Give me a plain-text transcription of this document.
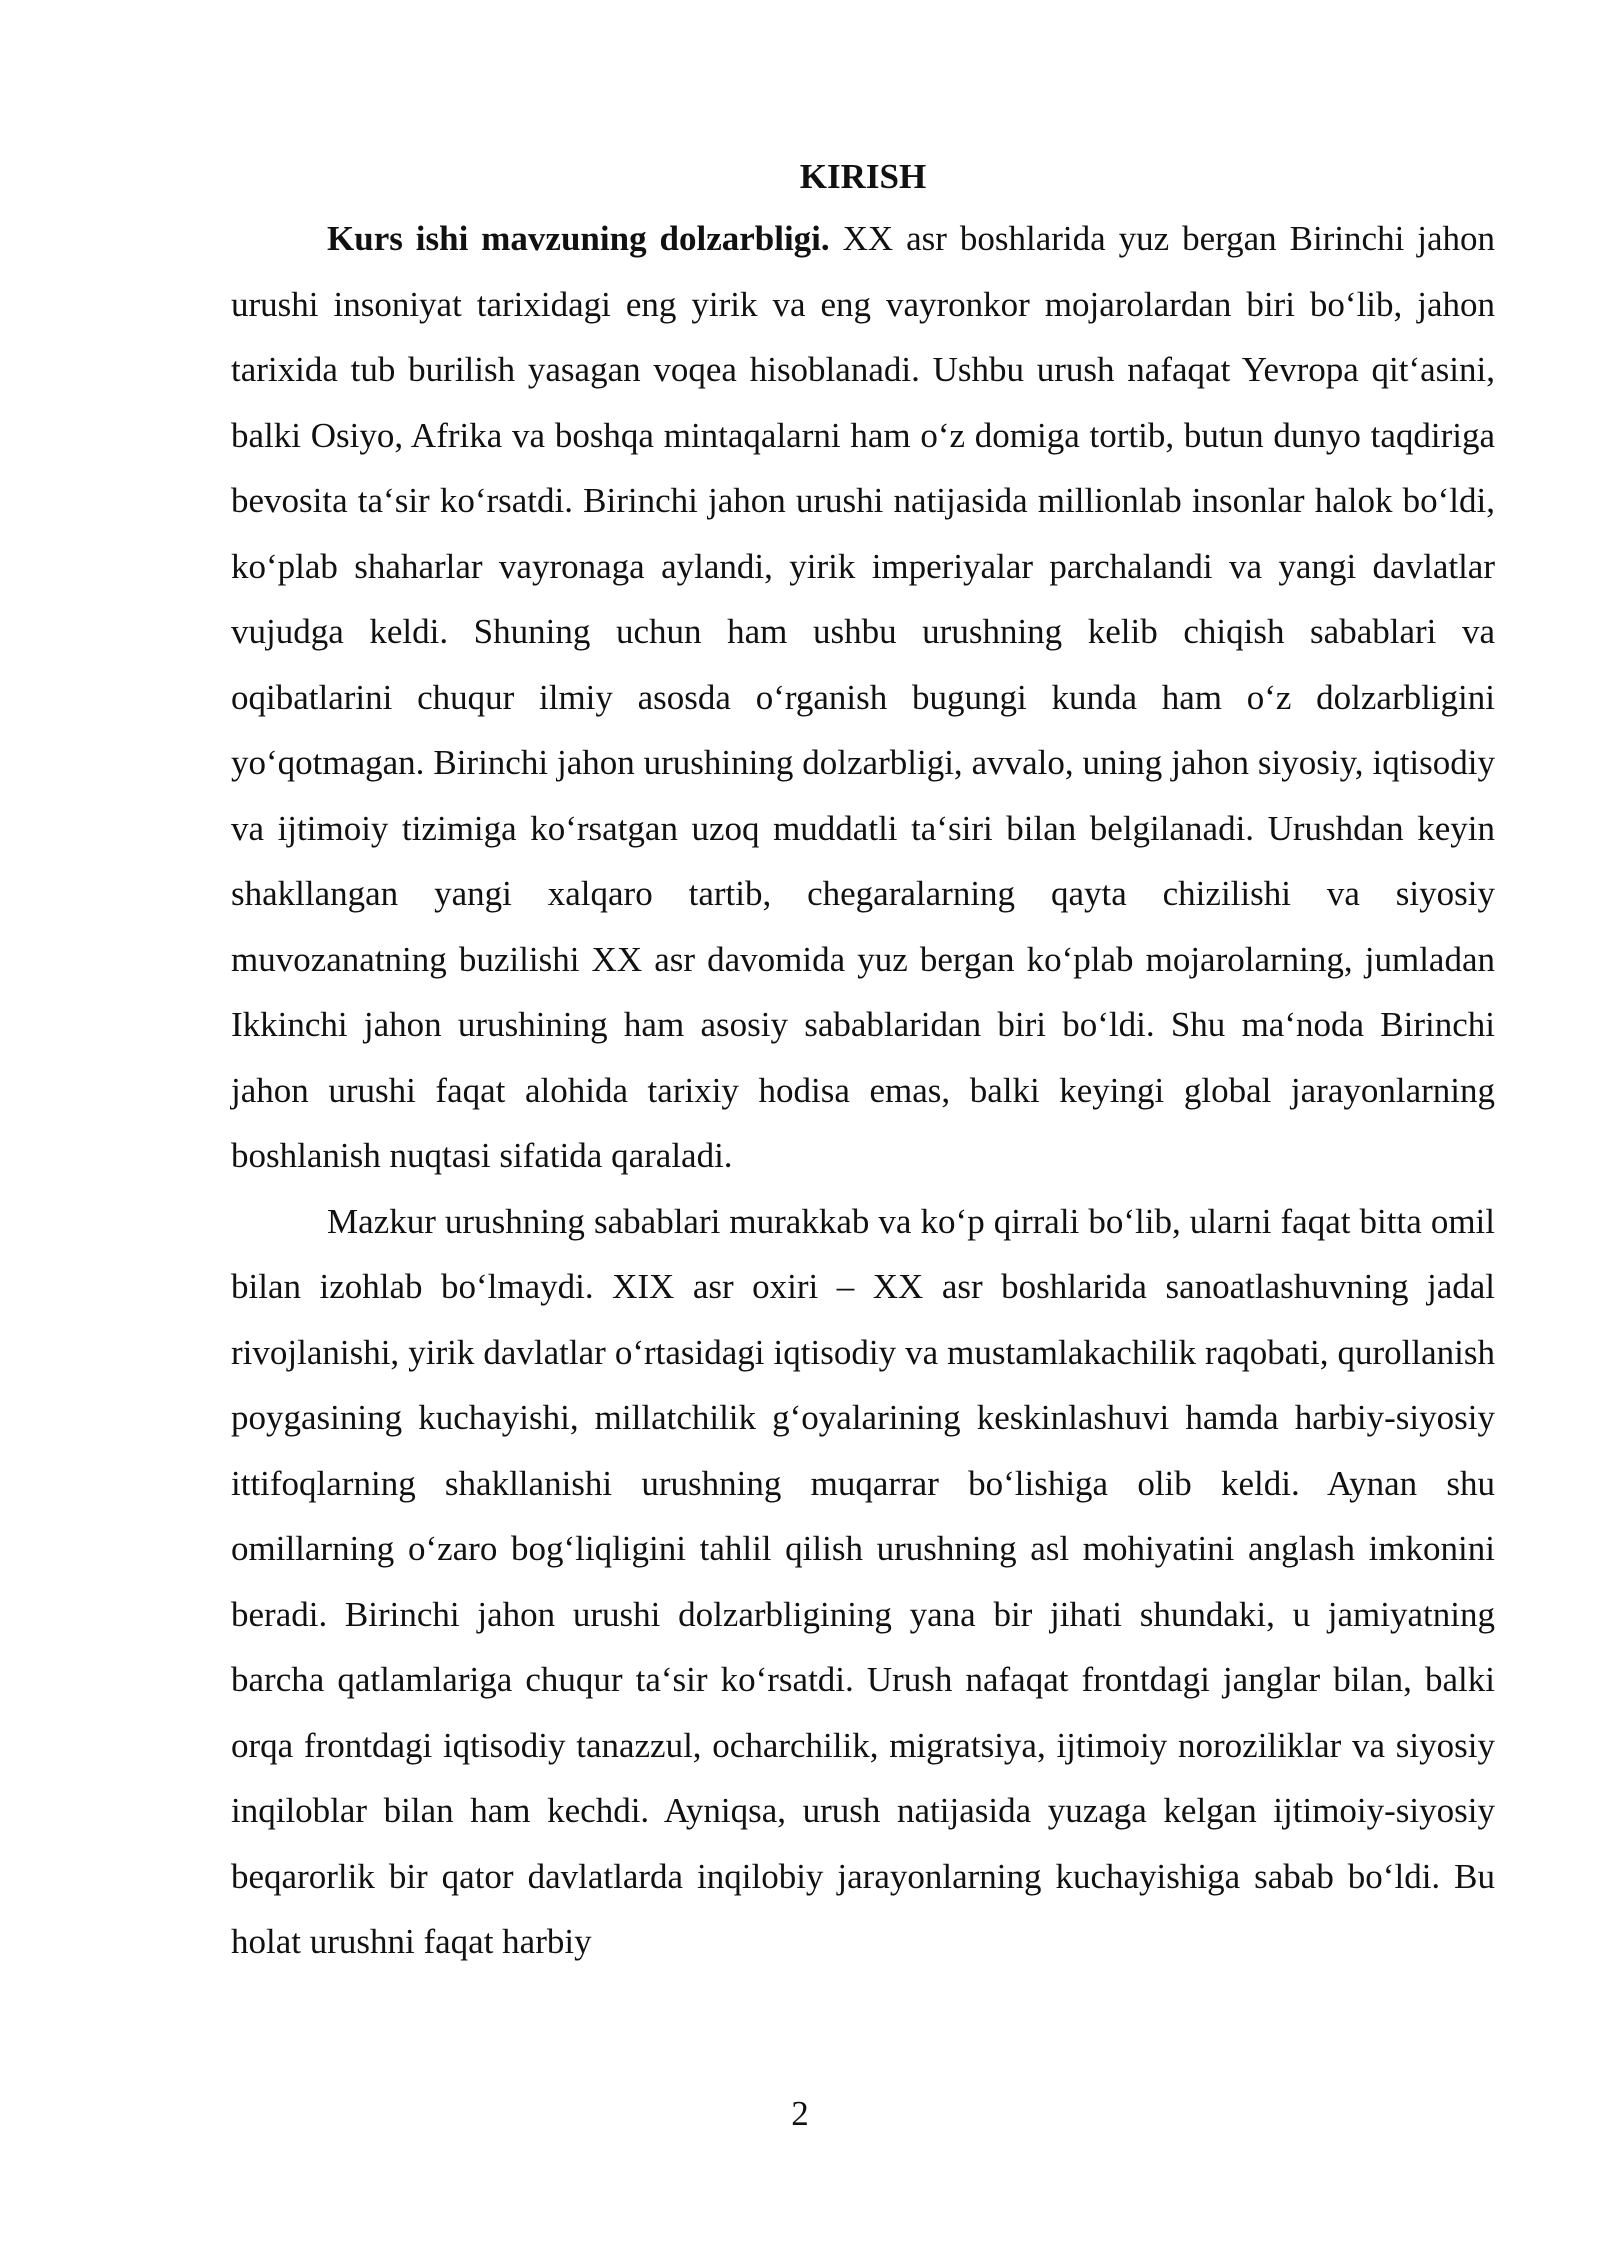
KIRISH

Kurs ishi mavzuning dolzarbligi. XX asr boshlarida yuz bergan Birinchi jahon urushi insoniyat tarixidagi eng yirik va eng vayronkor mojarolardan biri bo‘lib, jahon tarixida tub burilish yasagan voqea hisoblanadi. Ushbu urush nafaqat Yevropa qit‘asini, balki Osiyo, Afrika va boshqa mintaqalarni ham o‘z domiga tortib, butun dunyo taqdiriga bevosita ta‘sir ko‘rsatdi. Birinchi jahon urushi natijasida millionlab insonlar halok bo‘ldi, ko‘plab shaharlar vayronaga aylandi, yirik imperiyalar parchalandi va yangi davlatlar vujudga keldi. Shuning uchun ham ushbu urushning kelib chiqish sabablari va oqibatlarini chuqur ilmiy asosda o‘rganish bugungi kunda ham o‘z dolzarbligini yo‘qotmagan. Birinchi jahon urushining dolzarbligi, avvalo, uning jahon siyosiy, iqtisodiy va ijtimoiy tizimiga ko‘rsatgan uzoq muddatli ta‘siri bilan belgilanadi. Urushdan keyin shakllangan yangi xalqaro tartib, chegaralarning qayta chizilishi va siyosiy muvozanatning buzilishi XX asr davomida yuz bergan ko‘plab mojarolarning, jumladan Ikkinchi jahon urushining ham asosiy sabablaridan biri bo‘ldi. Shu ma‘noda Birinchi jahon urushi faqat alohida tarixiy hodisa emas, balki keyingi global jarayonlarning boshlanish nuqtasi sifatida qaraladi.

Mazkur urushning sabablari murakkab va ko‘p qirrali bo‘lib, ularni faqat bitta omil bilan izohlab bo‘lmaydi. XIX asr oxiri – XX asr boshlarida sanoatlashuvning jadal rivojlanishi, yirik davlatlar o‘rtasidagi iqtisodiy va mustamlakachilik raqobati, qurollanish poygasining kuchayishi, millatchilik g‘oyalarining keskinlashuvi hamda harbiy-siyosiy ittifoqlarning shakllanishi urushning muqarrar bo‘lishiga olib keldi. Aynan shu omillarning o‘zaro bog‘liqligini tahlil qilish urushning asl mohiyatini anglash imkonini beradi. Birinchi jahon urushi dolzarbligining yana bir jihati shundaki, u jamiyatning barcha qatlamlariga chuqur ta‘sir ko‘rsatdi. Urush nafaqat frontdagi janglar bilan, balki orqa frontdagi iqtisodiy tanazzul, ocharchilik, migratsiya, ijtimoiy noroziliklar va siyosiy inqiloblar bilan ham kechdi. Ayniqsa, urush natijasida yuzaga kelgan ijtimoiy-siyosiy beqarorlik bir qator davlatlarda inqilobiy jarayonlarning kuchayishiga sabab bo‘ldi. Bu holat urushni faqat harbiy

2
